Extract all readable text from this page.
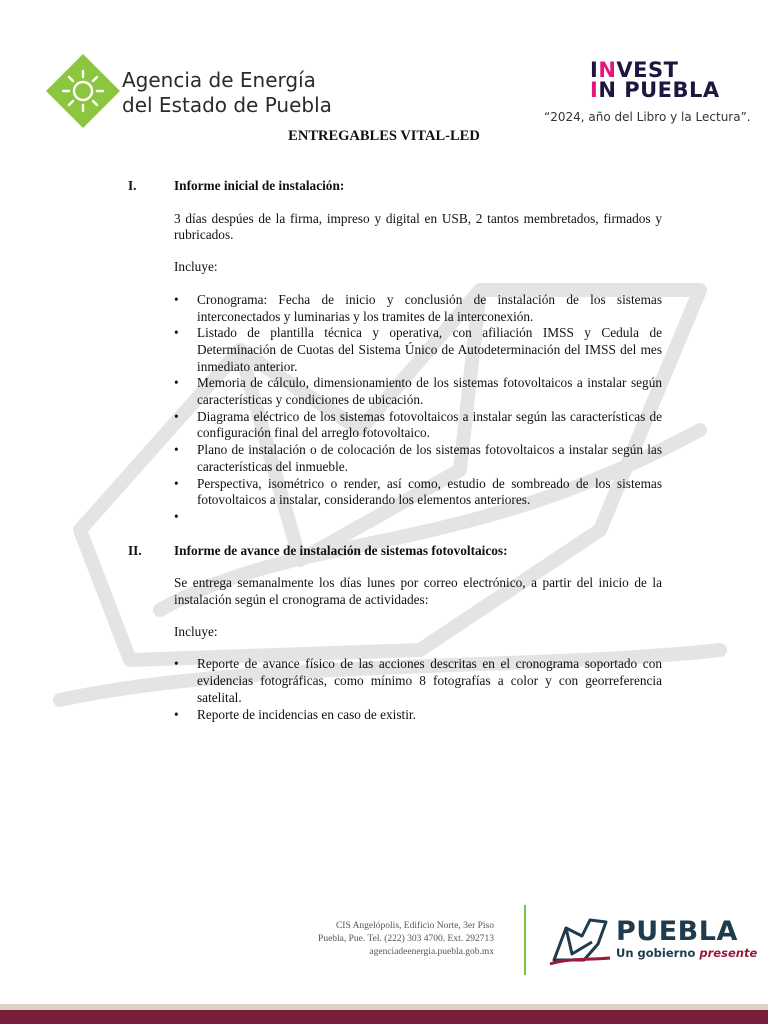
Agencia de Energía
del Estado de Puebla
INVEST
IN PUEBLA
“2024, año del Libro y la Lectura”.
ENTREGABLES VITAL-LED
I.	Informe inicial de instalación:
3 días despúes de la firma, impreso y digital en USB, 2 tantos membretados, firmados y rubricados.
Incluye:
• Cronograma: Fecha de inicio y conclusión de instalación de los sistemas interconectados y luminarias y los tramites de la interconexión.
• Listado de plantilla técnica y operativa, con afiliación IMSS y Cedula de Determinación de Cuotas del Sistema Único de Autodeterminación del IMSS del mes inmediato anterior.
• Memoria de cálculo, dimensionamiento de los sistemas fotovoltaicos a instalar según características y condiciones de ubicación.
• Diagrama eléctrico de los sistemas fotovoltaicos a instalar según las características de configuración final del arreglo fotovoltaico.
• Plano de instalación o de colocación de los sistemas fotovoltaicos a instalar según las características del inmueble.
• Perspectiva, isométrico o render, así como, estudio de sombreado de los sistemas fotovoltaicos a instalar, considerando los elementos anteriores.
•
II.	Informe de avance de instalación de sistemas fotovoltaicos:
Se entrega semanalmente los días lunes por correo electrónico, a partir del inicio de la instalación según el cronograma de actividades:
Incluye:
• Reporte de avance físico de las acciones descritas en el cronograma soportado con evidencias fotográficas, como mínimo 8 fotografías a color y con georreferencia satelital.
• Reporte de incidencias en caso de existir.
CIS Angelópolis, Edificio Norte, 3er Piso
Puebla, Pue. Tel. (222) 303 4700. Ext. 292713
agenciadeenergia.puebla.gob.mx
PUEBLA
Un gobierno presente
